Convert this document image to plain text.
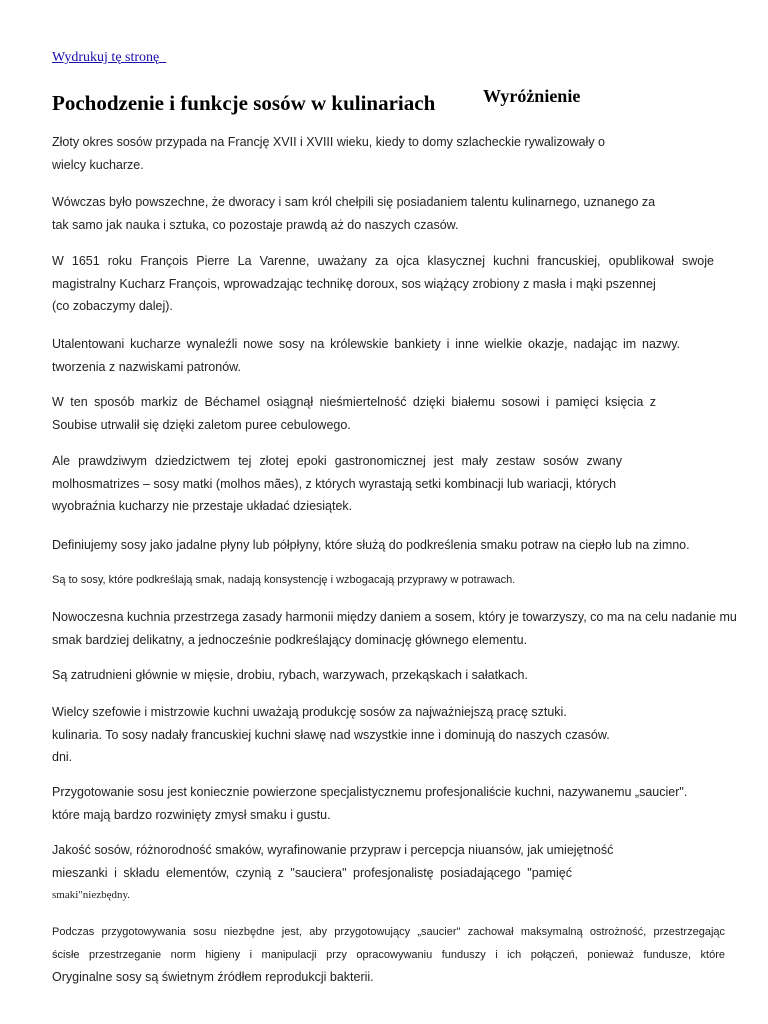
Wydrukuj tę stronę
Pochodzenie i funkcje sosów w kulinariach	Wyróżnienie

Złoty okres sosów przypada na Francję XVII i XVIII wieku, kiedy to domy szlacheckie rywalizowały o
wielcy kucharze.

Wówczas było powszechne, że dworacy i sam król chełpili się posiadaniem talentu kulinarnego, uznanego za
tak samo jak nauka i sztuka, co pozostaje prawdą aż do naszych czasów.

W 1651 roku François Pierre La Varenne, uważany za ojca klasycznej kuchni francuskiej, opublikował swoje
magistralny Kucharz François, wprowadzając technikę doroux, sos wiążący zrobiony z masła i mąki pszennej
(co zobaczymy dalej).

Utalentowani kucharze wynaleźli nowe sosy na królewskie bankiety i inne wielkie okazje, nadając im nazwy.
tworzenia z nazwiskami patronów.

W ten sposób markiz de Béchamel osiągnął nieśmiertelność dzięki białemu sosowi i pamięci księcia z
Soubise utrwalił się dzięki zaletom puree cebulowego.

Ale prawdziwym dziedzictwem tej złotej epoki gastronomicznej jest mały zestaw sosów zwany
molhosmatrizes – sosy matki (molhos mães), z których wyrastają setki kombinacji lub wariacji, których
wyobraźnia kucharzy nie przestaje układać dziesiątek.

Definiujemy sosy jako jadalne płyny lub półpłyny, które służą do podkreślenia smaku potraw na ciepło lub na zimno.

Są to sosy, które podkreślają smak, nadają konsystencję i wzbogacają przyprawy w potrawach.

Nowoczesna kuchnia przestrzega zasady harmonii między daniem a sosem, który je towarzyszy, co ma na celu nadanie mu
smak bardziej delikatny, a jednocześnie podkreślający dominację głównego elementu.

Są zatrudnieni głównie w mięsie, drobiu, rybach, warzywach, przekąskach i sałatkach.

Wielcy szefowie i mistrzowie kuchni uważają produkcję sosów za najważniejszą pracę sztuki.
kulinaria. To sosy nadały francuskiej kuchni sławę nad wszystkie inne i dominują do naszych czasów.
dni.

Przygotowanie sosu jest koniecznie powierzone specjalistycznemu profesjonaliście kuchni, nazywanemu „saucier".
które mają bardzo rozwinięty zmysł smaku i gustu.

Jakość sosów, różnorodność smaków, wyrafinowanie przypraw i percepcja niuansów, jak umiejętność
mieszanki i składu elementów, czynią z "sauciera" profesjonalistę posiadającego "pamięć
smaki"niezbędny.

Podczas przygotowywania sosu niezbędne jest, aby przygotowujący „saucier" zachował maksymalną ostrożność, przestrzegając
ścisłe przestrzeganie norm higieny i manipulacji przy opracowywaniu funduszy i ich połączeń, ponieważ fundusze, które
Oryginalne sosy są świetnym źródłem reprodukcji bakterii.
